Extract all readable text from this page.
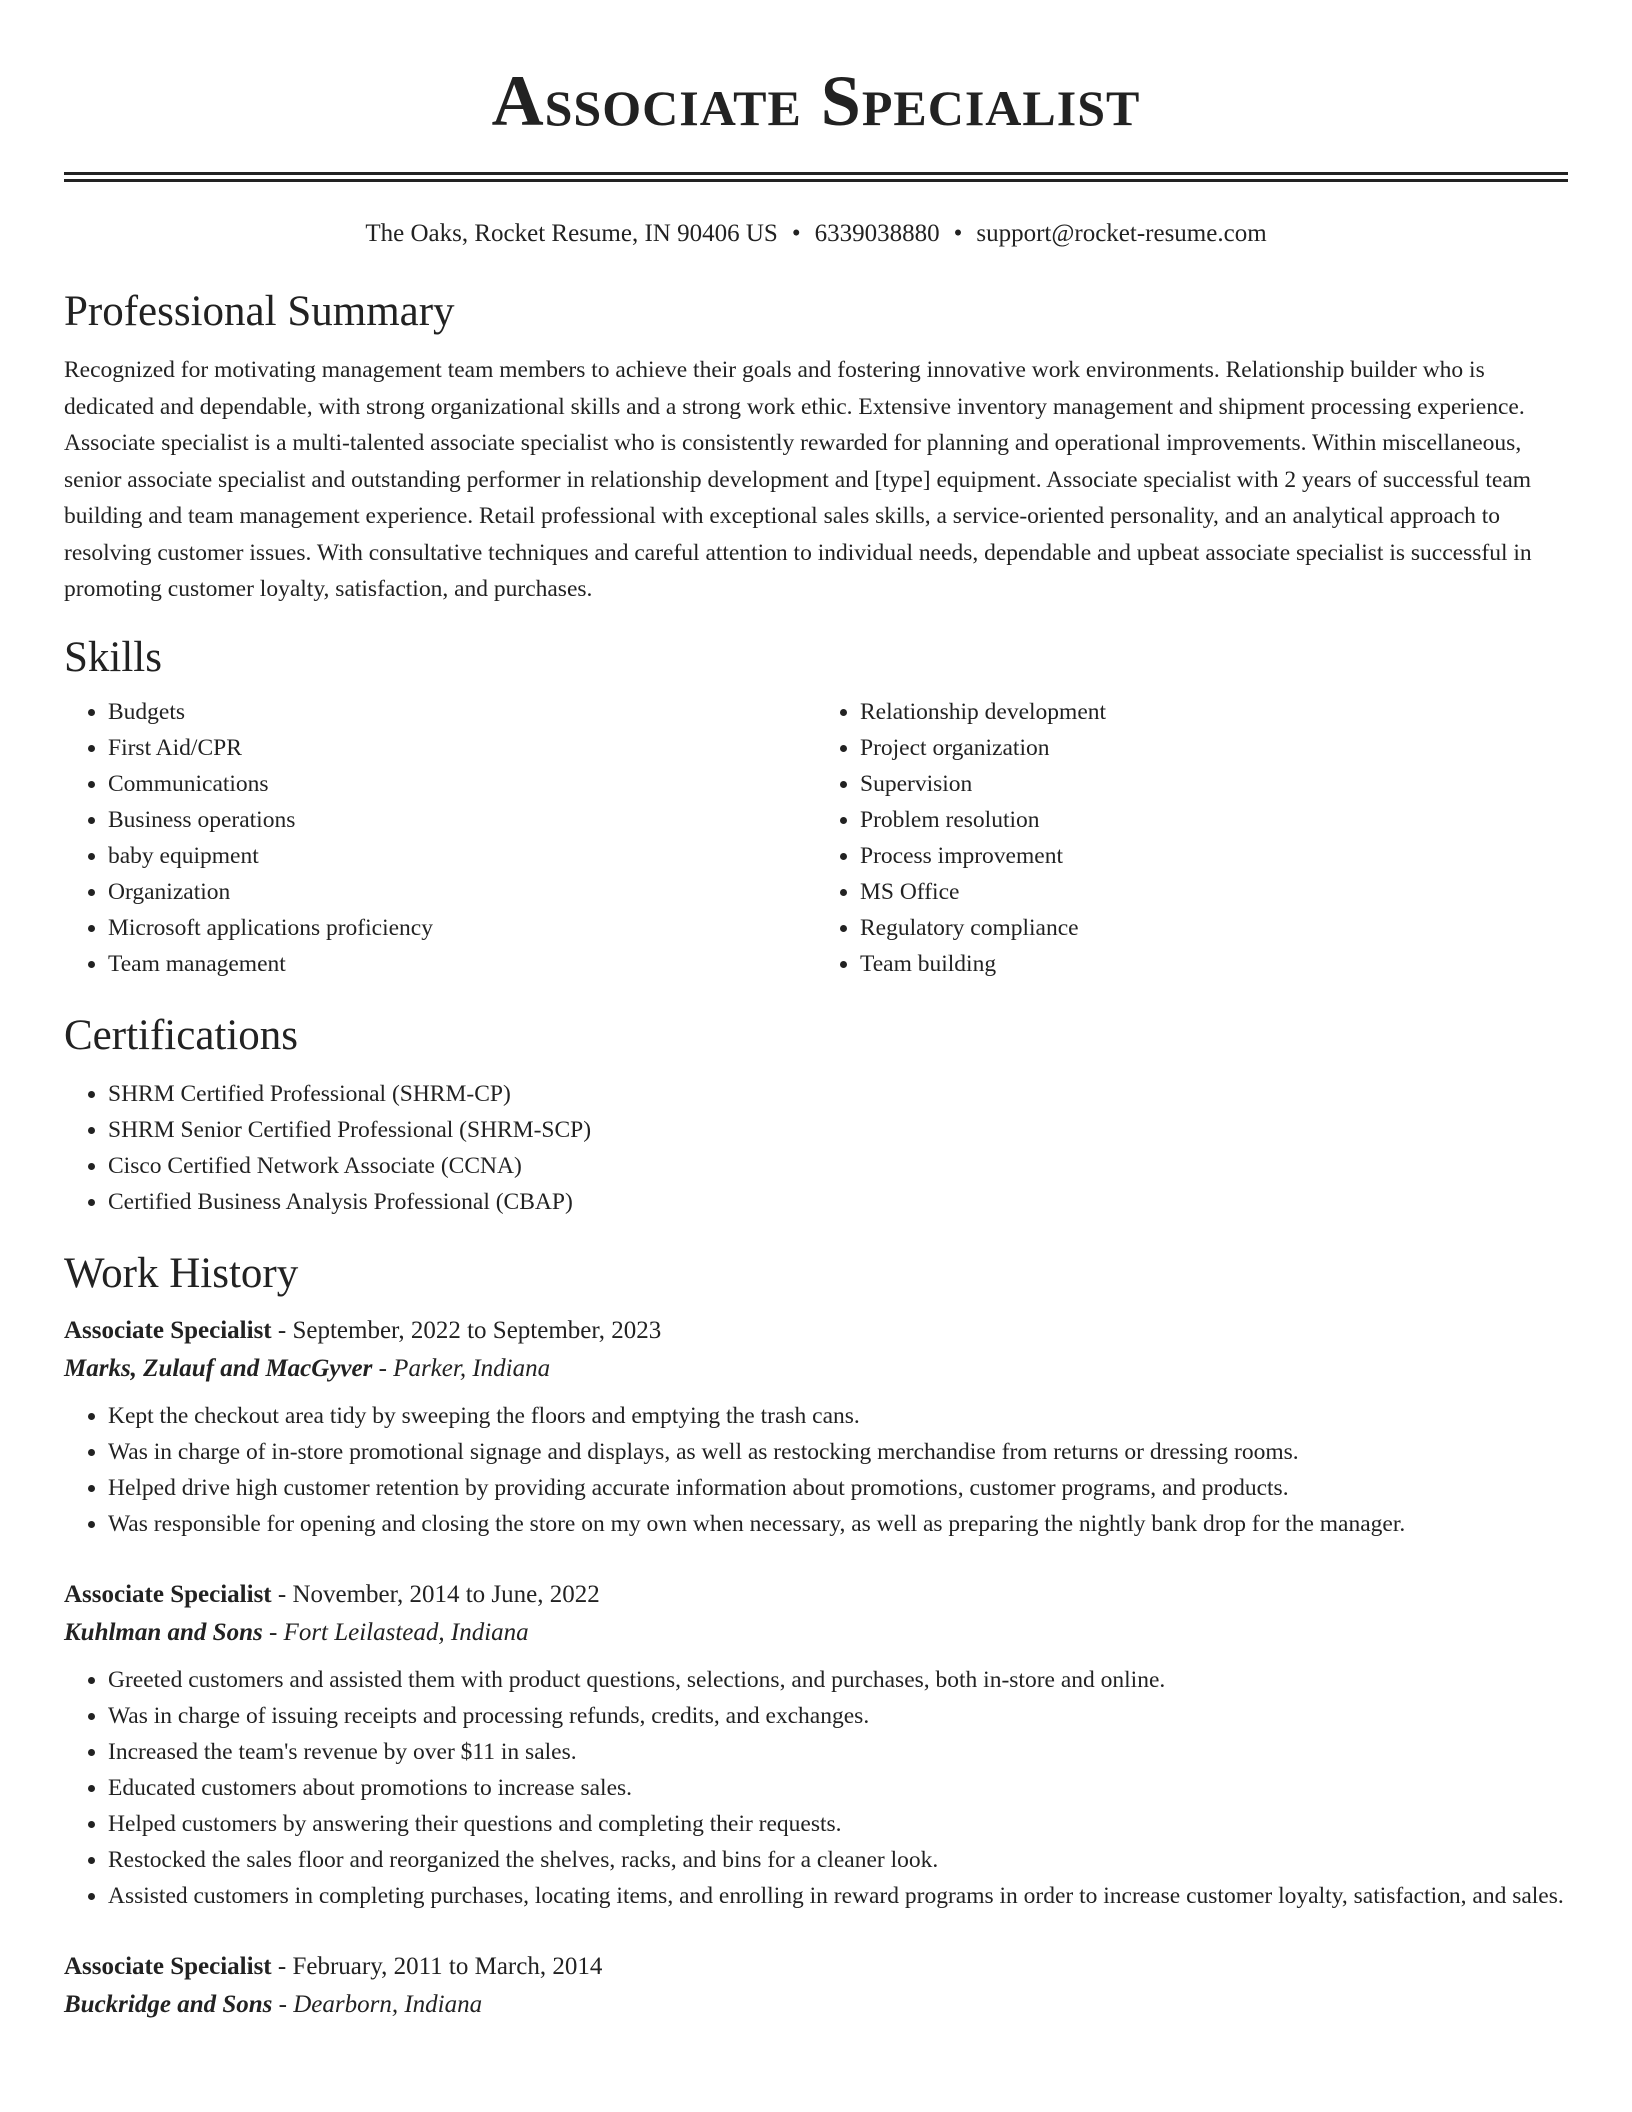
Associate Specialist
The Oaks, Rocket Resume, IN 90406 US • 6339038880 • support@rocket-resume.com
Professional Summary

Recognized for motivating management team members to achieve their goals and fostering innovative work environments. Relationship builder who is dedicated and dependable, with strong organizational skills and a strong work ethic. Extensive inventory management and shipment processing experience. Associate specialist is a multi-talented associate specialist who is consistently rewarded for planning and operational improvements. Within miscellaneous, senior associate specialist and outstanding performer in relationship development and [type] equipment. Associate specialist with 2 years of successful team building and team management experience. Retail professional with exceptional sales skills, a service-oriented personality, and an analytical approach to resolving customer issues. With consultative techniques and careful attention to individual needs, dependable and upbeat associate specialist is successful in promoting customer loyalty, satisfaction, and purchases.

Skills
• Budgets
• First Aid/CPR
• Communications
• Business operations
• baby equipment
• Organization
• Microsoft applications proficiency
• Team management
• Relationship development
• Project organization
• Supervision
• Problem resolution
• Process improvement
• MS Office
• Regulatory compliance
• Team building
Certifications
• SHRM Certified Professional (SHRM-CP)
• SHRM Senior Certified Professional (SHRM-SCP)
• Cisco Certified Network Associate (CCNA)
• Certified Business Analysis Professional (CBAP)
Work History
Associate Specialist - September, 2022 to September, 2023
Marks, Zulauf and MacGyver - Parker, Indiana
• Kept the checkout area tidy by sweeping the floors and emptying the trash cans.
• Was in charge of in-store promotional signage and displays, as well as restocking merchandise from returns or dressing rooms.
• Helped drive high customer retention by providing accurate information about promotions, customer programs, and products.
• Was responsible for opening and closing the store on my own when necessary, as well as preparing the nightly bank drop for the manager.
Associate Specialist - November, 2014 to June, 2022
Kuhlman and Sons - Fort Leilastead, Indiana
• Greeted customers and assisted them with product questions, selections, and purchases, both in-store and online.
• Was in charge of issuing receipts and processing refunds, credits, and exchanges.
• Increased the team's revenue by over $11 in sales.
• Educated customers about promotions to increase sales.
• Helped customers by answering their questions and completing their requests.
• Restocked the sales floor and reorganized the shelves, racks, and bins for a cleaner look.
• Assisted customers in completing purchases, locating items, and enrolling in reward programs in order to increase customer loyalty, satisfaction, and sales.
Associate Specialist - February, 2011 to March, 2014
Buckridge and Sons - Dearborn, Indiana
